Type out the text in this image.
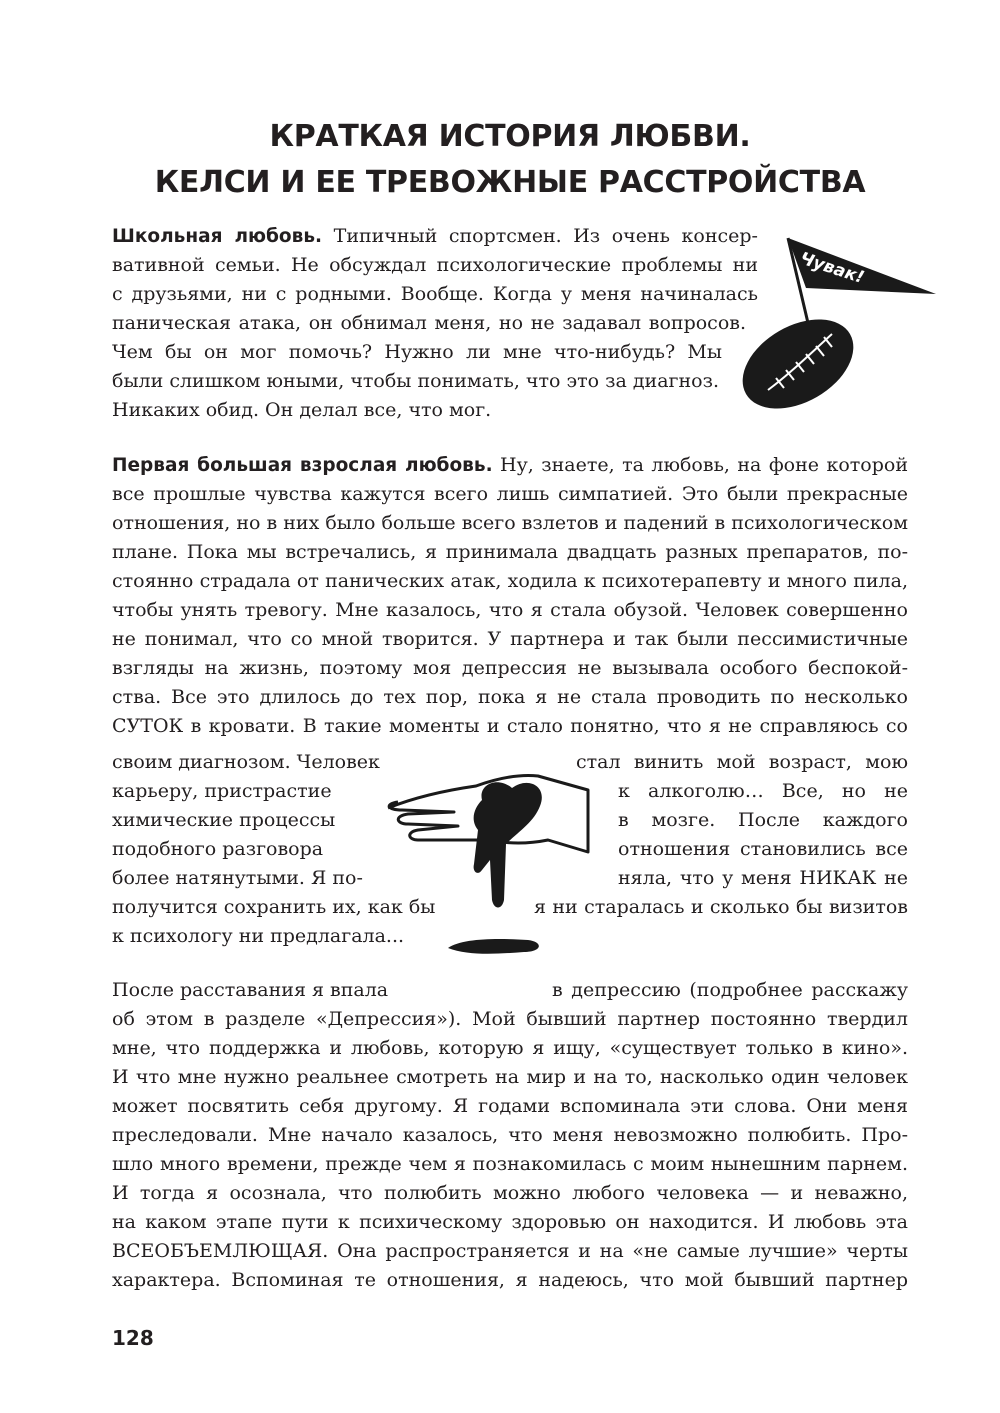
КРАТКАЯ ИСТОРИЯ ЛЮБВИ.
КЕЛСИ И ЕЕ ТРЕВОЖНЫЕ РАССТРОЙСТВА
Школьная любовь. Типичный спортсмен. Из очень консер-
вативной семьи. Не обсуждал психологические проблемы ни
с друзьями, ни с родными. Вообще. Когда у меня начиналась
паническая атака, он обнимал меня, но не задавал вопросов.
Чем бы он мог помочь? Нужно ли мне что-нибудь? Мы
были слишком юными, чтобы понимать, что это за диагноз.
Никаких обид. Он делал все, что мог.
Чувак!
Первая большая взрослая любовь. Ну, знаете, та любовь, на фоне которой
все прошлые чувства кажутся всего лишь симпатией. Это были прекрасные
отношения, но в них было больше всего взлетов и падений в психологическом
плане. Пока мы встречались, я принимала двадцать разных препаратов, по-
стоянно страдала от панических атак, ходила к психотерапевту и много пила,
чтобы унять тревогу. Мне казалось, что я стала обузой. Человек совершенно
не понимал, что со мной творится. У партнера и так были пессимистичные
взгляды на жизнь, поэтому моя депрессия не вызывала особого беспокой-
ства. Все это длилось до тех пор, пока я не стала проводить по несколько
СУТОК в кровати. В такие моменты и стало понятно, что я не справляюсь со
своим диагнозом. Человек	стал винить мой возраст, мою
карьеру, пристрастие	к алкоголю… Все, но не
химические процессы	в мозге. После каждого
подобного разговора	отношения становились все
более натянутыми. Я по-	няла, что у меня НИКАК не
получится сохранить их, как бы	я ни старалась и сколько бы визитов
к психологу ни предлагала...
После расставания я впала	в депрессию (подробнее расскажу
об этом в разделе «Депрессия»). Мой бывший партнер постоянно твердил
мне, что поддержка и любовь, которую я ищу, «существует только в кино».
И что мне нужно реальнее смотреть на мир и на то, насколько один человек
может посвятить себя другому. Я годами вспоминала эти слова. Они меня
преследовали. Мне начало казалось, что меня невозможно полюбить. Про-
шло много времени, прежде чем я познакомилась с моим нынешним парнем.
И тогда я осознала, что полюбить можно любого человека — и неважно,
на каком этапе пути к психическому здоровью он находится. И любовь эта
ВСЕОБЪЕМЛЮЩАЯ. Она распространяется и на «не самые лучшие» черты
характера. Вспоминая те отношения, я надеюсь, что мой бывший партнер
128
